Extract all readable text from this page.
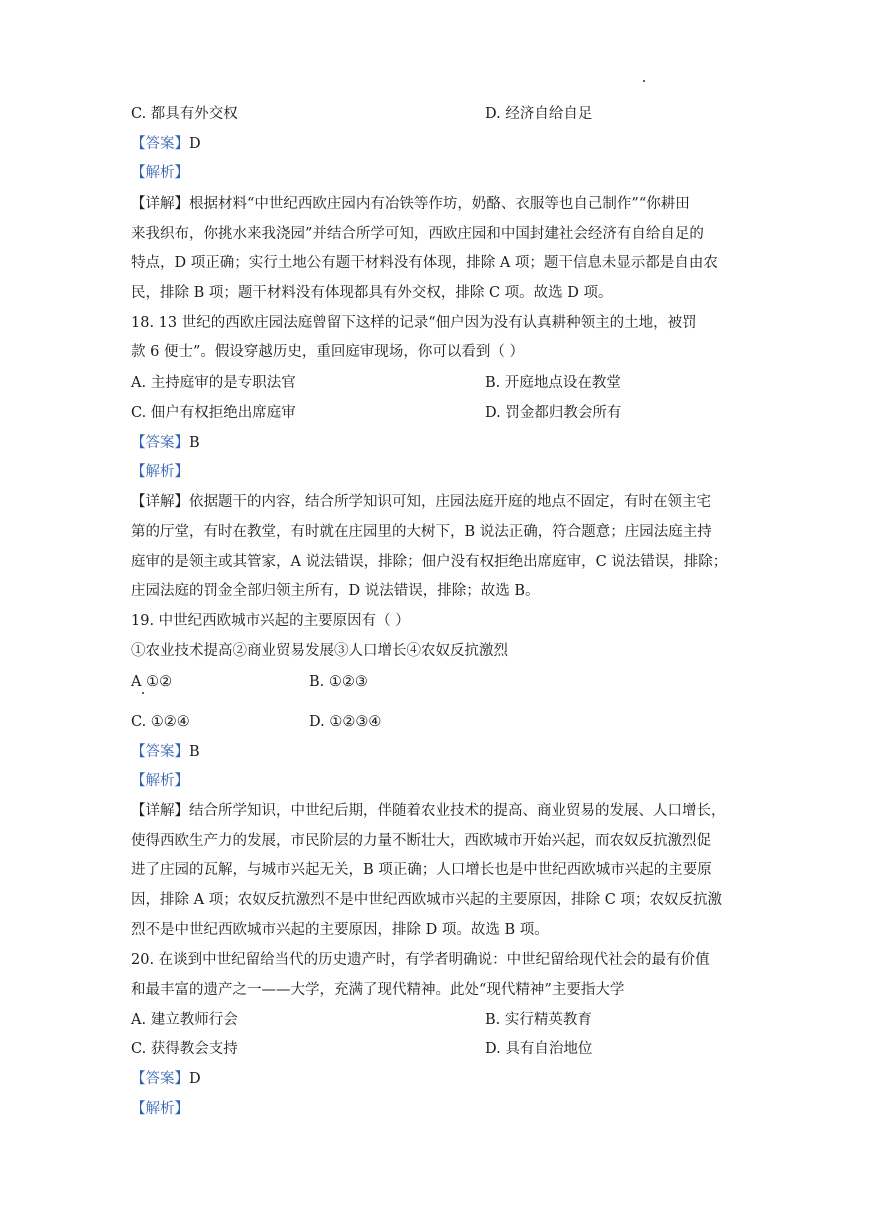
C. 都具有外交权	D. 经济自给自足
【答案】D
【解析】
【详解】根据材料“中世纪西欧庄园内有冶铁等作坊，奶酪、衣服等也自己制作”“你耕田
来我织布，你挑水来我浇园”并结合所学可知，西欧庄园和中国封建社会经济有自给自足的
特点，D 项正确；实行土地公有题干材料没有体现，排除 A 项；题干信息未显示都是自由农
民，排除 B 项；题干材料没有体现都具有外交权，排除 C 项。故选 D 项。
18. 13 世纪的西欧庄园法庭曾留下这样的记录“佃户因为没有认真耕种领主的土地，被罚
款 6 便士”。假设穿越历史，重回庭审现场，你可以看到（ ）
A. 主持庭审的是专职法官	B. 开庭地点设在教堂
C. 佃户有权拒绝出席庭审	D. 罚金都归教会所有
【答案】B
【解析】
【详解】依据题干的内容，结合所学知识可知，庄园法庭开庭的地点不固定，有时在领主宅
第的厅堂，有时在教堂，有时就在庄园里的大树下，B 说法正确，符合题意；庄园法庭主持
庭审的是领主或其管家，A 说法错误，排除；佃户没有权拒绝出席庭审，C 说法错误，排除；
庄园法庭的罚金全部归领主所有，D 说法错误，排除；故选 B。
19. 中世纪西欧城市兴起的主要原因有（ ）
①农业技术提高②商业贸易发展③人口增长④农奴反抗激烈
A ①②	B. ①②③
C. ①②④	D. ①②③④
【答案】B
【解析】
【详解】结合所学知识，中世纪后期，伴随着农业技术的提高、商业贸易的发展、人口增长，
使得西欧生产力的发展，市民阶层的力量不断壮大，西欧城市开始兴起，而农奴反抗激烈促
进了庄园的瓦解，与城市兴起无关，B 项正确；人口增长也是中世纪西欧城市兴起的主要原
因，排除 A 项；农奴反抗激烈不是中世纪西欧城市兴起的主要原因，排除 C 项；农奴反抗激
烈不是中世纪西欧城市兴起的主要原因，排除 D 项。故选 B 项。
20. 在谈到中世纪留给当代的历史遗产时，有学者明确说：中世纪留给现代社会的最有价值
和最丰富的遗产之一——大学，充满了现代精神。此处“现代精神”主要指大学
A. 建立教师行会	B. 实行精英教育
C. 获得教会支持	D. 具有自治地位
【答案】D
【解析】
